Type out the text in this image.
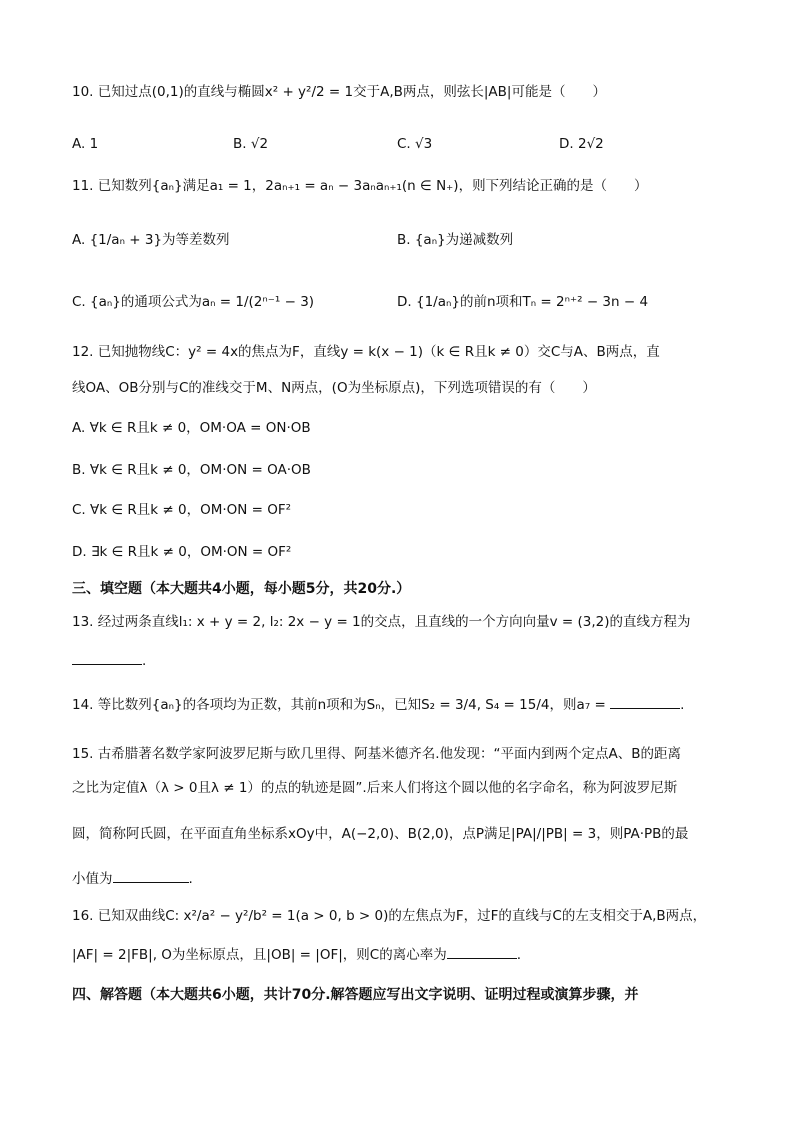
10. 已知过点(0,1)的直线与椭圆x² + y²/2 = 1交于A,B两点，则弦长|AB|可能是（　　）
A. 1	B. √2	C. √3	D. 2√2
11. 已知数列{aₙ}满足a₁ = 1，2aₙ₊₁ = aₙ − 3aₙaₙ₊₁(n ∈ N₊)，则下列结论正确的是（　　）
A. {1/aₙ + 3}为等差数列	B. {aₙ}为递减数列
C. {aₙ}的通项公式为aₙ = 1/(2ⁿ⁻¹ − 3)	D. {1/aₙ}的前n项和Tₙ = 2ⁿ⁺² − 3n − 4
12. 已知抛物线C：y² = 4x的焦点为F，直线y = k(x − 1)（k ∈ R且k ≠ 0）交C与A、B两点，直
线OA、OB分别与C的准线交于M、N两点，(O为坐标原点)，下列选项错误的有（　　）
A. ∀k ∈ R且k ≠ 0，OM·OA = ON·OB
B. ∀k ∈ R且k ≠ 0，OM·ON = OA·OB
C. ∀k ∈ R且k ≠ 0，OM·ON = OF²
D. ∃k ∈ R且k ≠ 0，OM·ON = OF²
三、填空题（本大题共4小题，每小题5分，共20分.）
13. 经过两条直线l₁: x + y = 2, l₂: 2x − y = 1的交点，且直线的一个方向向量v = (3,2)的直线方程为
.
14. 等比数列{aₙ}的各项均为正数，其前n项和为Sₙ，已知S₂ = 3/4, S₄ = 15/4，则a₇ =	.
15. 古希腊著名数学家阿波罗尼斯与欧几里得、阿基米德齐名.他发现：“平面内到两个定点A、B的距离
之比为定值λ（λ > 0且λ ≠ 1）的点的轨迹是圆”.后来人们将这个圆以他的名字命名，称为阿波罗尼斯
圆，简称阿氏圆，在平面直角坐标系xOy中，A(−2,0)、B(2,0)，点P满足|PA|/|PB| = 3，则PA·PB的最
小值为	.
16. 已知双曲线C: x²/a² − y²/b² = 1(a > 0, b > 0)的左焦点为F，过F的直线与C的左支相交于A,B两点，
|AF| = 2|FB|, O为坐标原点，且|OB| = |OF|，则C的离心率为	.
四、解答题（本大题共6小题，共计70分.解答题应写出文字说明、证明过程或演算步骤，并
